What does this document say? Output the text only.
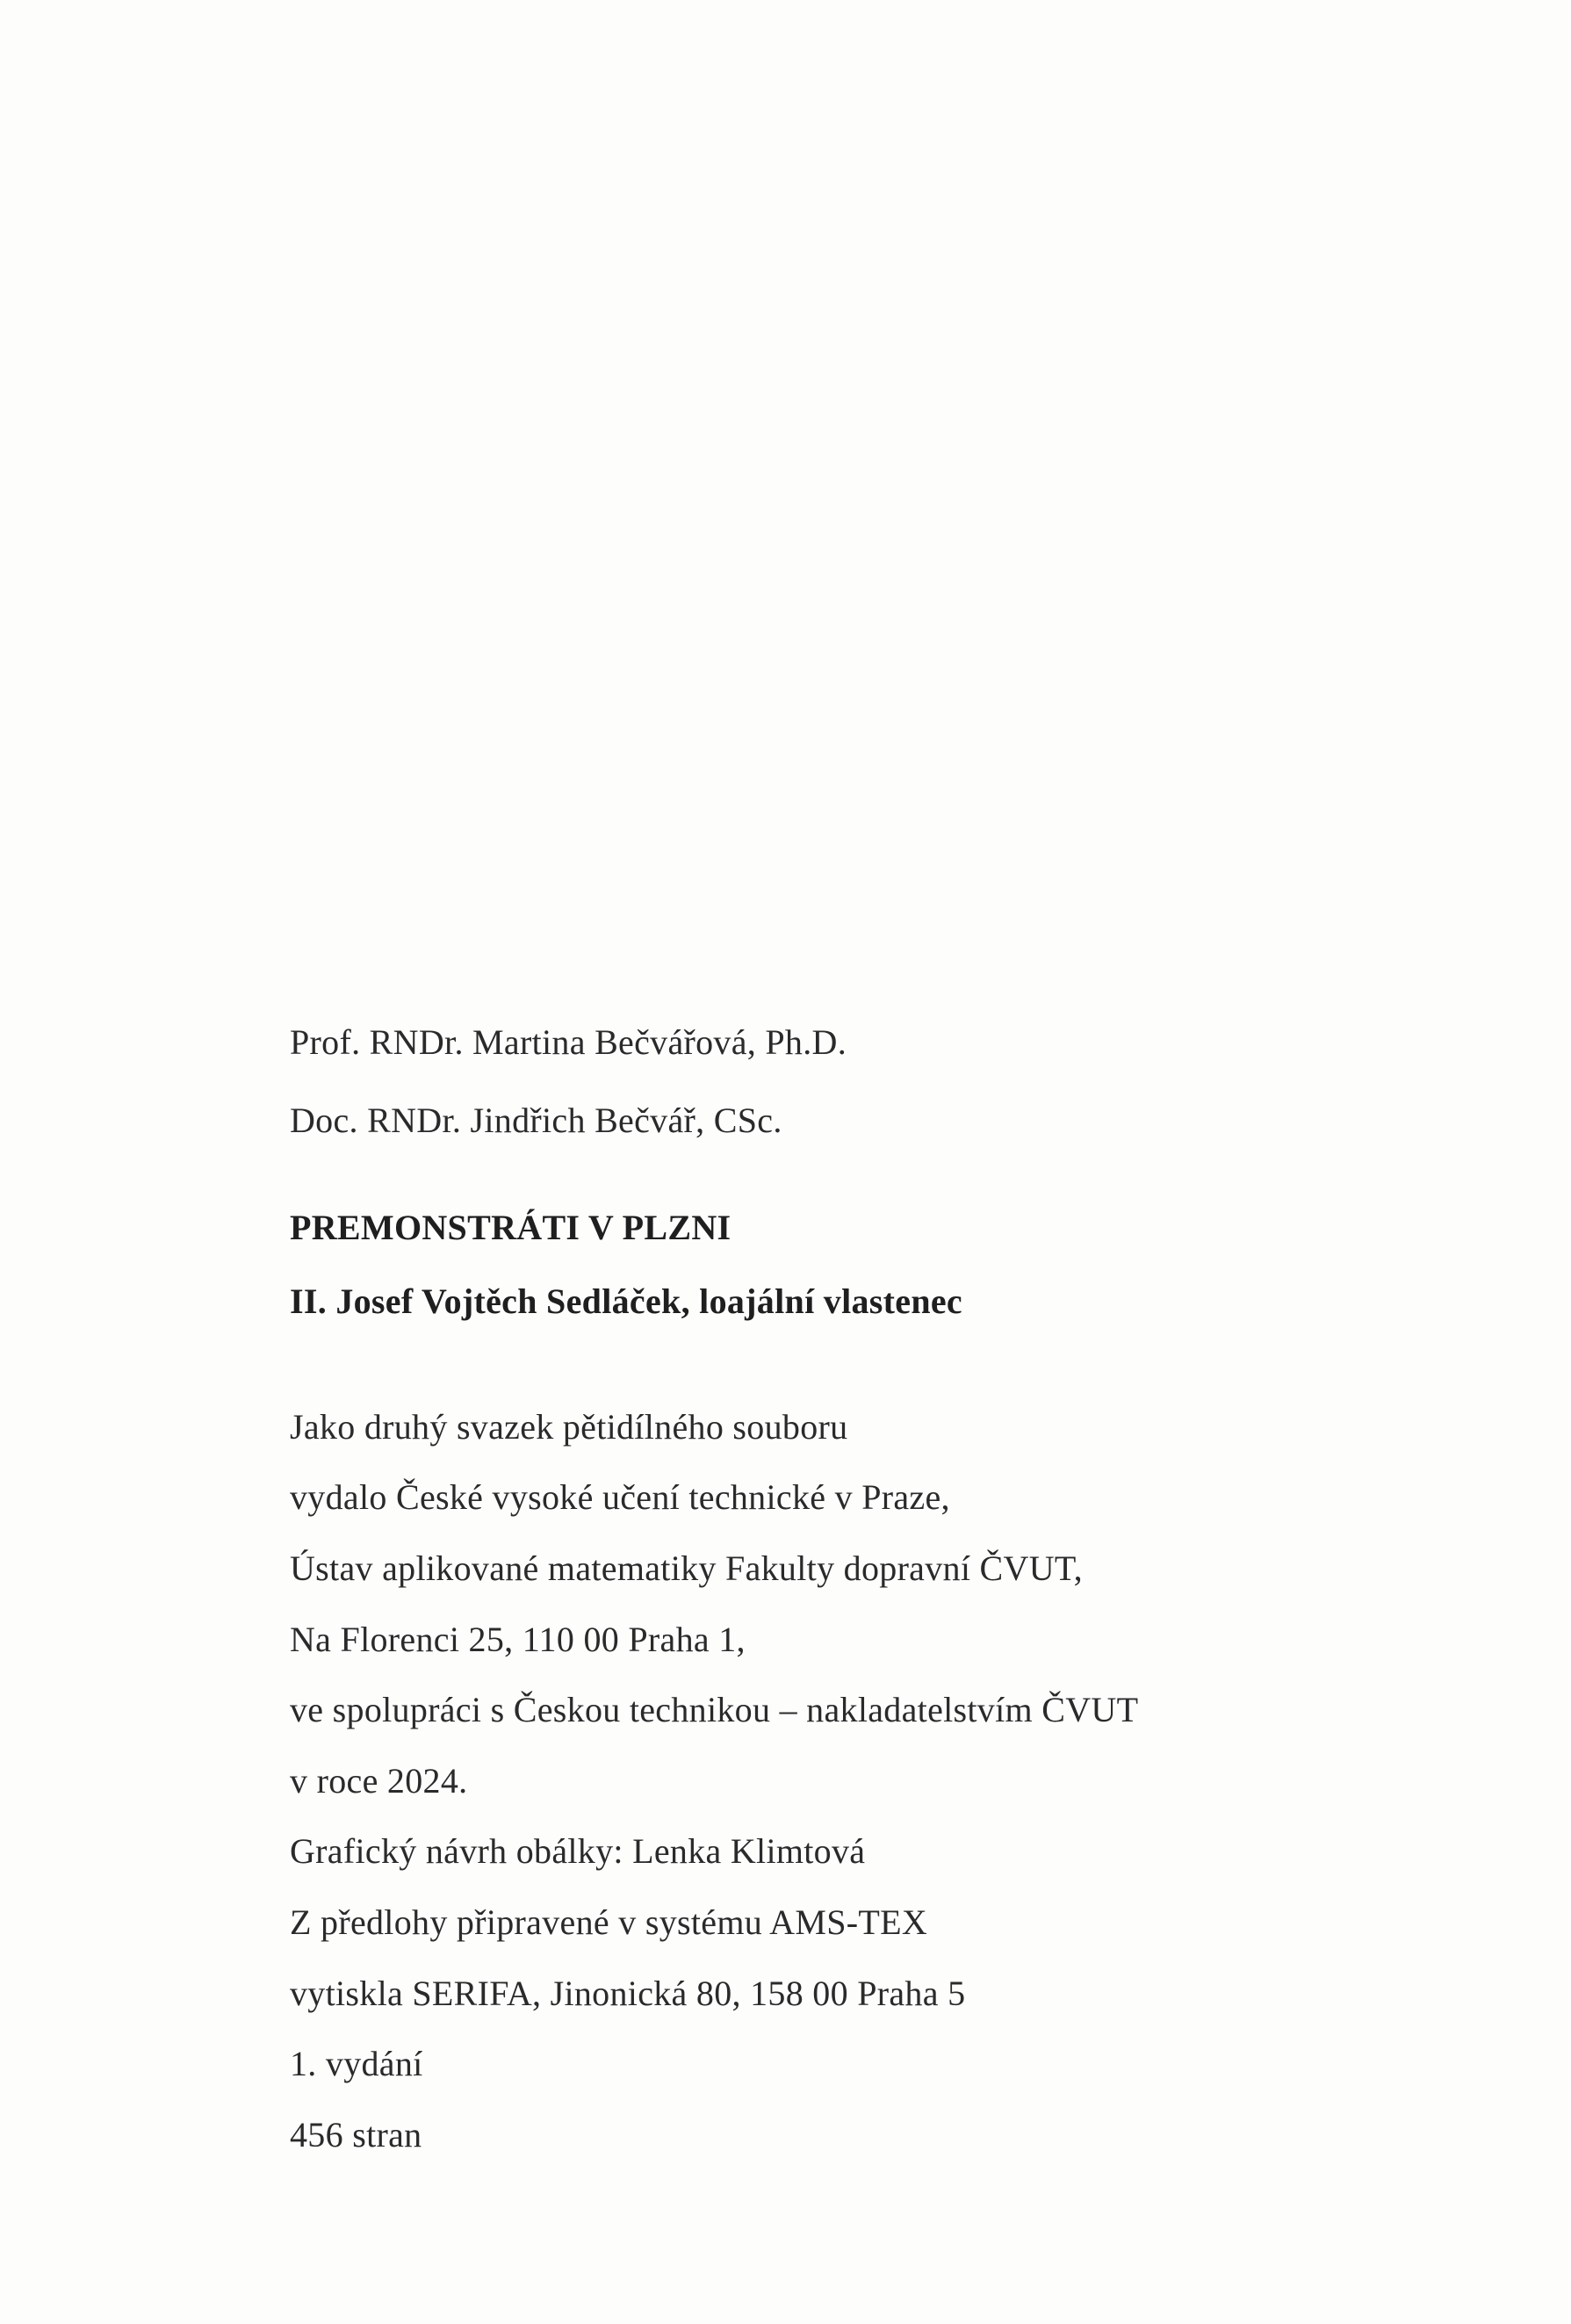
Prof. RNDr. Martina Bečvářová, Ph.D.
Doc. RNDr. Jindřich Bečvář, CSc.
PREMONSTRÁTI V PLZNI
II. Josef Vojtěch Sedláček, loajální vlastenec
Jako druhý svazek pětidílného souboru
vydalo České vysoké učení technické v Praze,
Ústav aplikované matematiky Fakulty dopravní ČVUT,
Na Florenci 25, 110 00 Praha 1,
ve spolupráci s Českou technikou – nakladatelstvím ČVUT
v roce 2024.
Grafický návrh obálky: Lenka Klimtová
Z předlohy připravené v systému AMS-TEX
vytiskla SERIFA, Jinonická 80, 158 00 Praha 5
1. vydání
456 stran
